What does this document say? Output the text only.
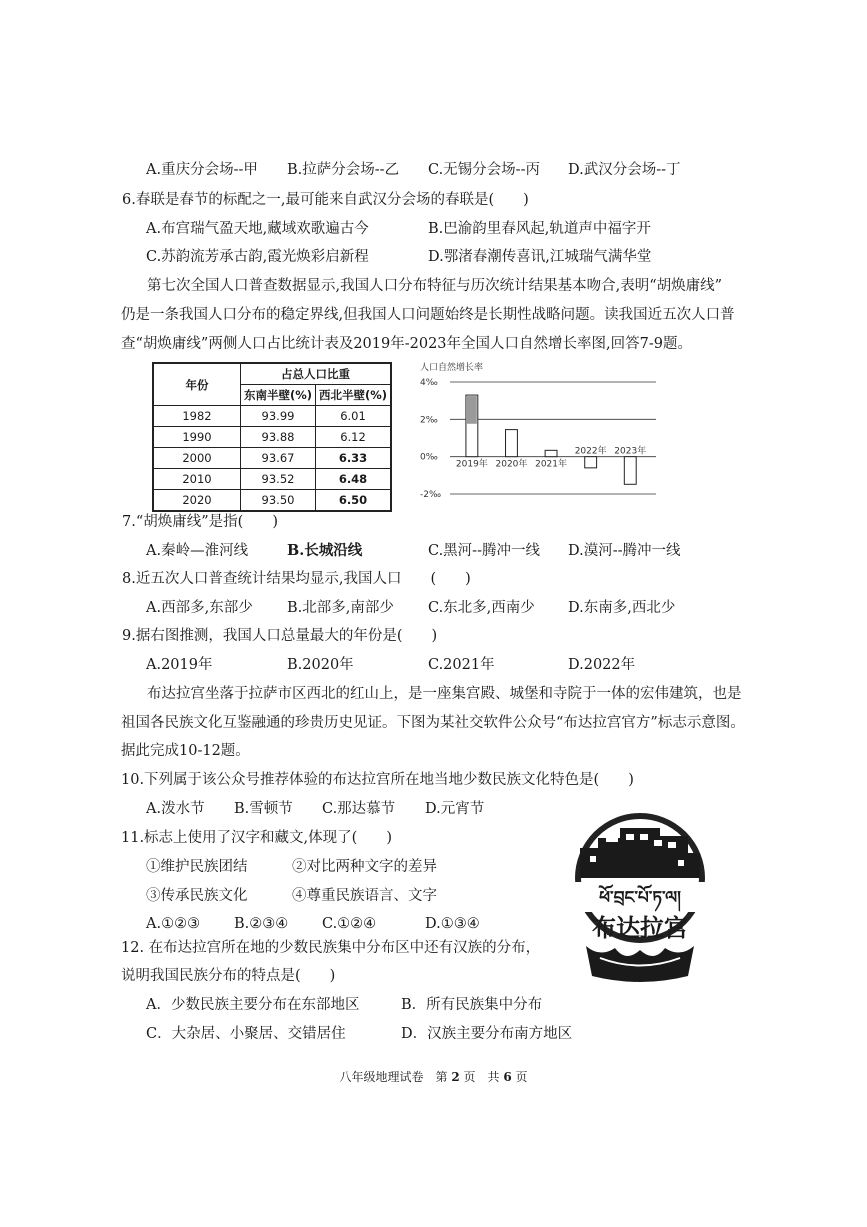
A.重庆分会场--甲 B.拉萨分会场--乙 C.无锡分会场--丙 D.武汉分会场--丁
6.春联是春节的标配之一,最可能来自武汉分会场的春联是(　　)
A.布宫瑞气盈天地,藏域欢歌遍古今	B.巴渝韵里春风起,轨道声中福字开
C.苏韵流芳承古韵,霞光焕彩启新程	D.鄂渚春潮传喜讯,江城瑞气满华堂
第七次全国人口普查数据显示,我国人口分布特征与历次统计结果基本吻合,表明“胡焕庸线”
仍是一条我国人口分布的稳定界线,但我国人口问题始终是长期性战略问题。读我国近五次人口普
查“胡焕庸线”两侧人口占比统计表及2019年-2023年全国人口自然增长率图,回答7-9题。
年份	占总人口比重	
	东南半壁(%)	西北半壁(%)
1982	93.99	6.01
1990	93.88	6.12
2000	93.67	6.33
2010	93.52	6.48
2020	93.50	6.50
人口自然增长率
4‰
2‰
0‰
-2‰
2019年 2020年 2021年
2022年 2023年
7.“胡焕庸线”是指(　　)
A.秦岭—淮河线	B.长城沿线	C.黑河--腾冲一线 D.漠河--腾冲一线
8.近五次人口普查统计结果均显示,我国人口　　(　　)
A.西部多,东部少 B.北部多,南部少 C.东北多,西南少 D.东南多,西北少
9.据右图推测，我国人口总量最大的年份是(　　)
A.2019年	B.2020年	C.2021年	D.2022年
布达拉宫坐落于拉萨市区西北的红山上，是一座集宫殿、城堡和寺院于一体的宏伟建筑，也是
祖国各民族文化互鉴融通的珍贵历史见证。下图为某社交软件公众号“布达拉宫官方”标志示意图。
据此完成10-12题。
10.下列属于该公众号推荐体验的布达拉宫所在地当地少数民族文化特色是(　　)
A.泼水节 B.雪顿节 C.那达慕节 D.元宵节
11.标志上使用了汉字和藏文,体现了(　　)
①维护民族团结	②对比两种文字的差异
③传承民族文化	④尊重民族语言、文字
A.①②③ B.②③④ C.①②④	D.①③④
ཕོ་བྲང་པོ་ཏ་ལ།
布达拉宫
12. 在布达拉宫所在地的少数民族集中分布区中还有汉族的分布，
说明我国民族分布的特点是(　　)
A．少数民族主要分布在东部地区	B．所有民族集中分布
C．大杂居、小聚居、交错居住	D．汉族主要分布南方地区
八年级地理试卷　第 2 页　共 6 页
